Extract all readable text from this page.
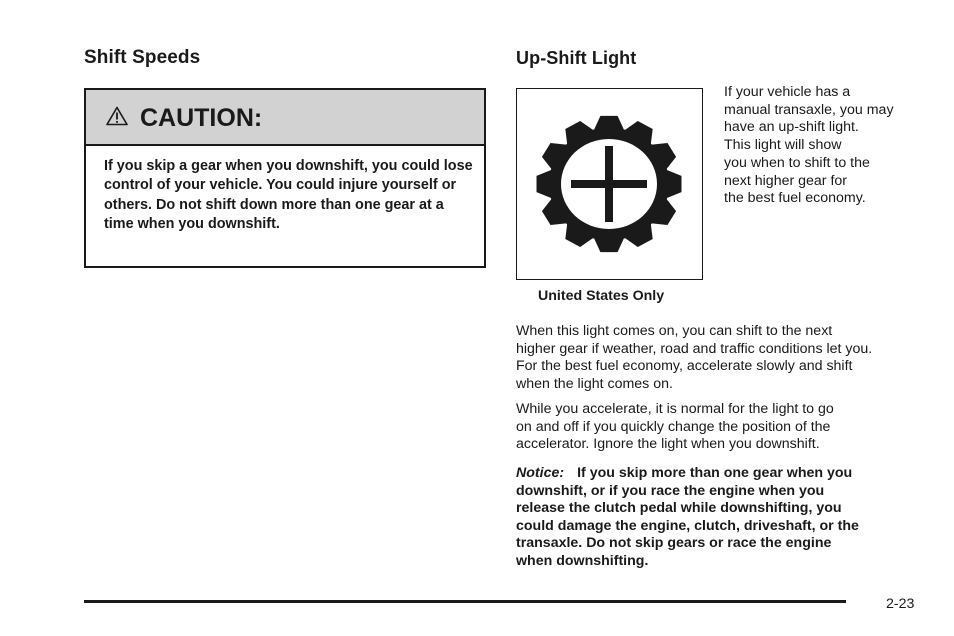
Shift Speeds
CAUTION:

If you skip a gear when you downshift, you could lose control of your vehicle. You could injure yourself or others. Do not shift down more than one gear at a time when you downshift.

Up-Shift Light
United States Only
If your vehicle has a
manual transaxle, you may
have an up-shift light.
This light will show
you when to shift to the
next higher gear for
the best fuel economy.
When this light comes on, you can shift to the next
higher gear if weather, road and traffic conditions let you.
For the best fuel economy, accelerate slowly and shift
when the light comes on.
While you accelerate, it is normal for the light to go
on and off if you quickly change the position of the
accelerator. Ignore the light when you downshift.
Notice: If you skip more than one gear when you
downshift, or if you race the engine when you
release the clutch pedal while downshifting, you
could damage the engine, clutch, driveshaft, or the
transaxle. Do not skip gears or race the engine
when downshifting.
2-23
